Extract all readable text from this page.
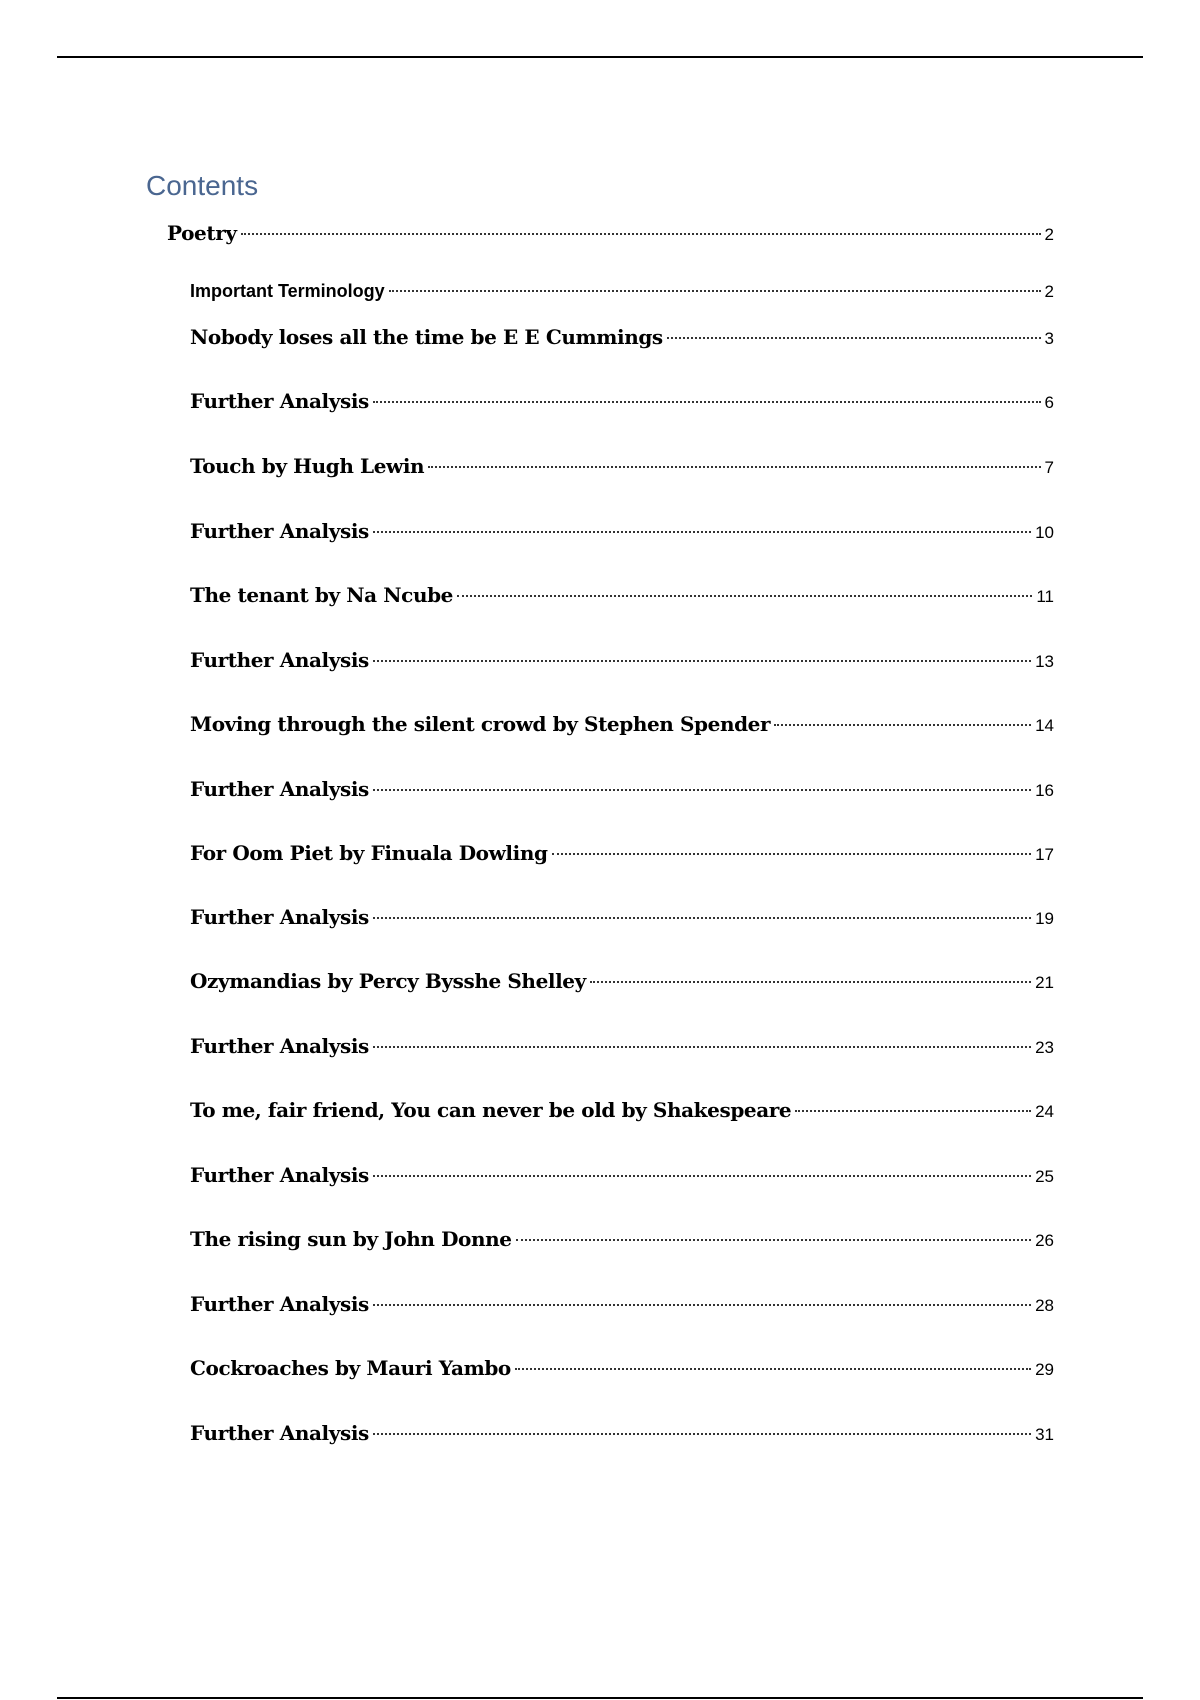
Contents
Poetry	2
Important Terminology	2
Nobody loses all the time be E E Cummings	3
Further Analysis	6
Touch by Hugh Lewin	7
Further Analysis	10
The tenant by Na Ncube	11
Further Analysis	13
Moving through the silent crowd by Stephen Spender	14
Further Analysis	16
For Oom Piet by Finuala Dowling	17
Further Analysis	19
Ozymandias by Percy Bysshe Shelley	21
Further Analysis	23
To me, fair friend, You can never be old by Shakespeare	24
Further Analysis	25
The rising sun by John Donne	26
Further Analysis	28
Cockroaches by Mauri Yambo	29
Further Analysis	31
